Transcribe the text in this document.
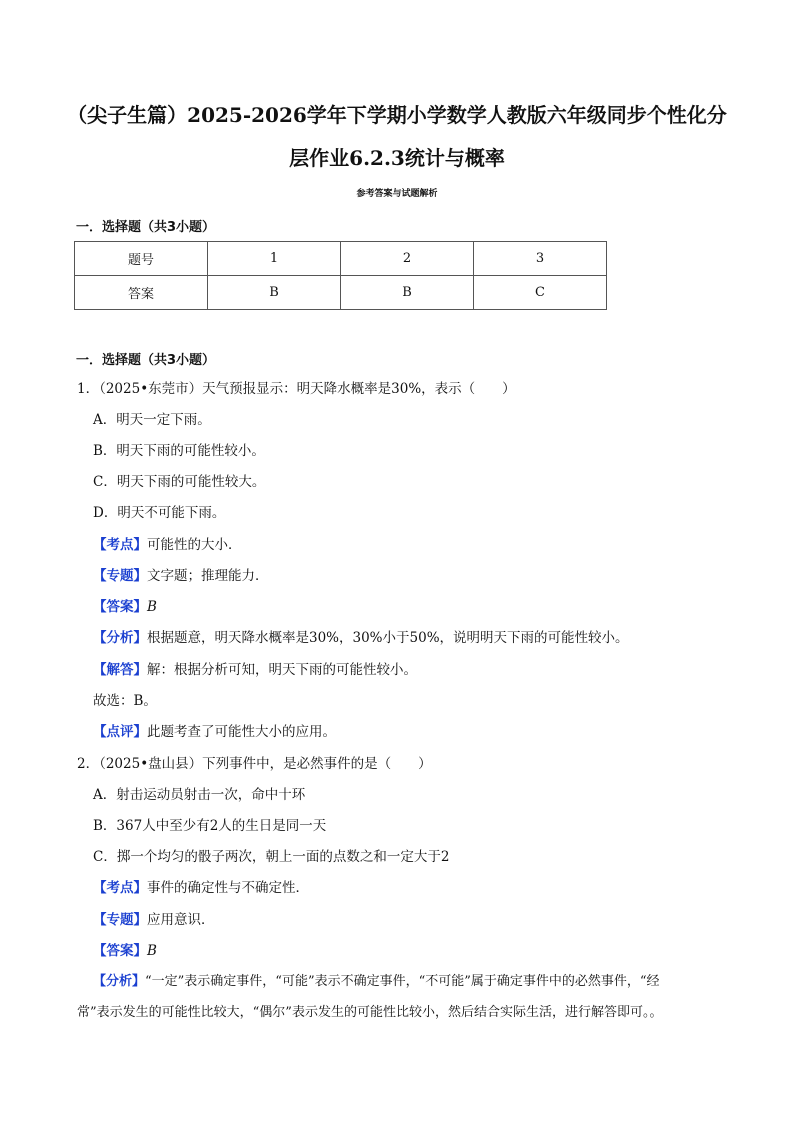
（尖子生篇）2025-2026学年下学期小学数学人教版六年级同步个性化分
层作业6.2.3统计与概率
参考答案与试题解析
一．选择题（共3小题）
题号	1	2	3
答案	B	B	C
一．选择题（共3小题）
1．（2025•东莞市）天气预报显示：明天降水概率是30%，表示（　　）
A．明天一定下雨。
B．明天下雨的可能性较小。
C．明天下雨的可能性较大。
D．明天不可能下雨。
【考点】可能性的大小．
【专题】文字题；推理能力．
【答案】B
【分析】根据题意，明天降水概率是30%，30%小于50%，说明明天下雨的可能性较小。
【解答】解：根据分析可知，明天下雨的可能性较小。
故选：B。
【点评】此题考查了可能性大小的应用。
2．（2025•盘山县）下列事件中，是必然事件的是（　　）
A．射击运动员射击一次，命中十环
B．367人中至少有2人的生日是同一天
C．掷一个均匀的骰子两次，朝上一面的点数之和一定大于2
【考点】事件的确定性与不确定性．
【专题】应用意识．
【答案】B
【分析】“一定”表示确定事件，“可能”表示不确定事件，“不可能”属于确定事件中的必然事件，“经
常”表示发生的可能性比较大，“偶尔”表示发生的可能性比较小，然后结合实际生活，进行解答即可。。
